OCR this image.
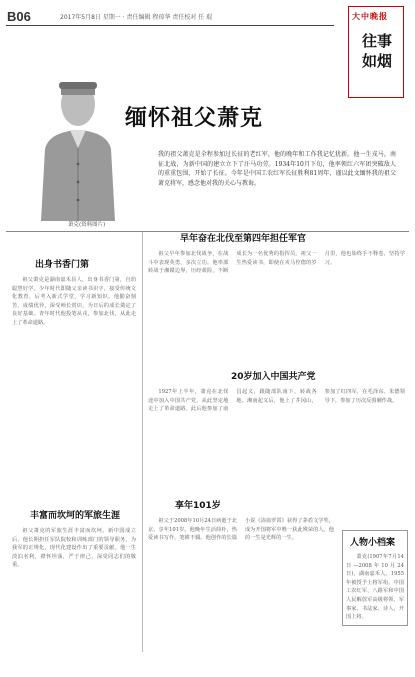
B06	2017年5月8日 星期一 · 责任编辑 程琼华 责任校对 任 琨	大中晚报
往事
如烟
萧克(资料图片)
缅怀祖父萧克
我的祖父萧克是全程参加过长征的老红军，他的晚年和工作我记忆犹新。他一生戎马，南征北战，为新中国的建立立下了汗马功劳。1934年10月下旬，他率领红六军团突破敌人的重重包围，开始了长征。今年是中国工农红军长征胜利81周年，谨以此文缅怀我的祖父萧克将军，感念他对我的关心与教诲。
出身书香门第

祖父萧克是湖南嘉禾县人，出身书香门第，自幼聪慧好学。少年时代即随父亲读书识字，接受传统文化教育，后考入新式学堂，学习新知识。他勤奋刻苦，成绩优异，深受师长赏识，为日后的成长奠定了良好基础。青年时代他投笔从戎，参加北伐，从此走上了革命道路。

早年奋在北伐至第四年担任军官

祖父早年参加北伐战争，在战斗中表现英勇，多次立功。他率部转战于湘赣边界，历经艰险，不断成长为一名优秀的指挥员。祖父一生热爱读书，即使在戎马倥偬的岁月里，他也始终手不释卷，坚持学习。

20岁加入中国共产党

1927年上半年，萧克在北伐途中加入中国共产党，从此坚定地走上了革命道路。此后他参加了南昌起义，跟随部队南下，转战各地。湘南起义后，他上了井冈山，参加了红四军，在毛泽东、朱德领导下，参加了历次反围剿作战。

丰富而坎坷的军旅生涯

祖父萧克的军旅生涯丰富而坎坷。新中国成立后，他长期担任军队院校和训练部门的领导职务，为我军的正规化、现代化建设作出了重要贡献。他一生淡泊名利，襟怀坦荡，严于律己，深受同志们的敬重。

享年101岁

祖父于2008年10月24日病逝于北京，享年101岁。他晚年生活简朴，热爱读书写作，笔耕不辍。他创作的长篇小说《浴血罗霄》获得了茅盾文学奖，成为开国将军中唯一获此殊荣的人。他的一生是光辉的一生。	人物小档案

萧克(1907年7月14日—2008年10月24日)，湖南嘉禾人。1955年被授予上将军衔。中国工农红军、八路军和中国人民解放军高级将领，军事家、书法家、诗人，开国上将。
